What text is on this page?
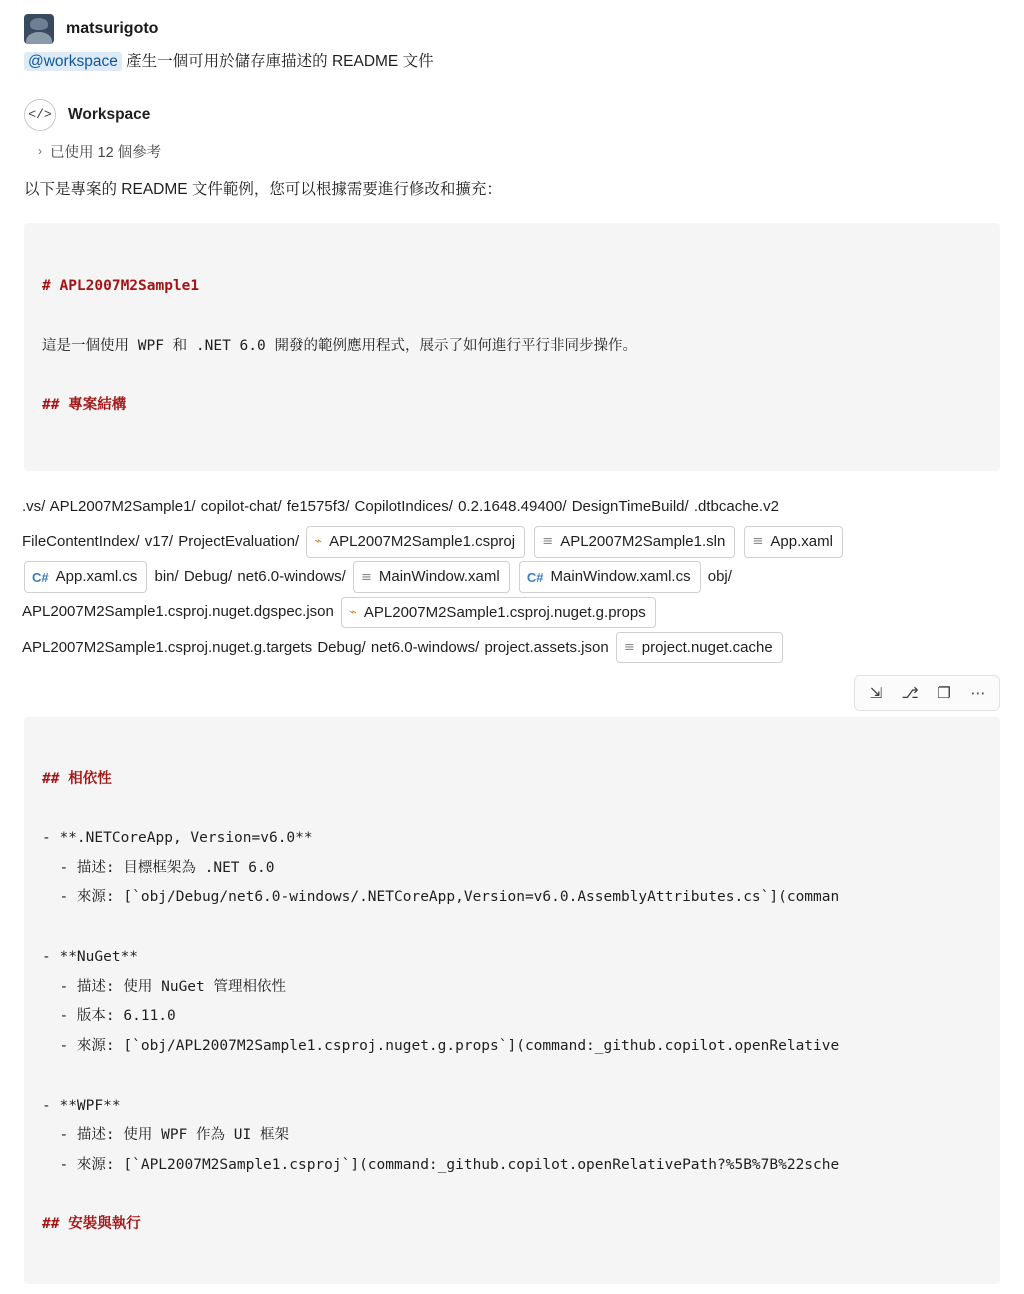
matsurigoto
@workspace 產生一個可用於儲存庫描述的 README 文件
</> Workspace
› 已使用 12 個參考
以下是專案的 README 文件範例，您可以根據需要進行修改和擴充：

# APL2007M2Sample1

這是一個使用 WPF 和 .NET 6.0 開發的範例應用程式，展示了如何進行平行非同步操作。

## 專案結構

.vs/ APL2007M2Sample1/ copilot-chat/ fe1575f3/ CopilotIndices/ 0.2.1648.49400/ DesignTimeBuild/ .dtbcache.v2
FileContentIndex/ v17/ ProjectEvaluation/ ⌁ APL2007M2Sample1.csproj
≡ APL2007M2Sample1.sln
≡ App.xaml

C# App.xaml.cs bin/ Debug/ net6.0-windows/ ≡ MainWindow.xaml
C# MainWindow.xaml.cs obj/
APL2007M2Sample1.csproj.nuget.dgspec.json ⌁ APL2007M2Sample1.csproj.nuget.g.props

APL2007M2Sample1.csproj.nuget.g.targets Debug/ net6.0-windows/ project.assets.json ≡ project.nuget.cache
⇲	⎇	❐	⋯

## 相依性

- **.NETCoreApp, Version=v6.0**
- 描述: 目標框架為 .NET 6.0
- 來源: [`obj/Debug/net6.0-windows/.NETCoreApp,Version=v6.0.AssemblyAttributes.cs`](comman

- **NuGet**
- 描述: 使用 NuGet 管理相依性
- 版本: 6.11.0
- 來源: [`obj/APL2007M2Sample1.csproj.nuget.g.props`](command:_github.copilot.openRelative

- **WPF**
- 描述: 使用 WPF 作為 UI 框架
- 來源: [`APL2007M2Sample1.csproj`](command:_github.copilot.openRelativePath?%5B%7B%22sche

## 安裝與執行
